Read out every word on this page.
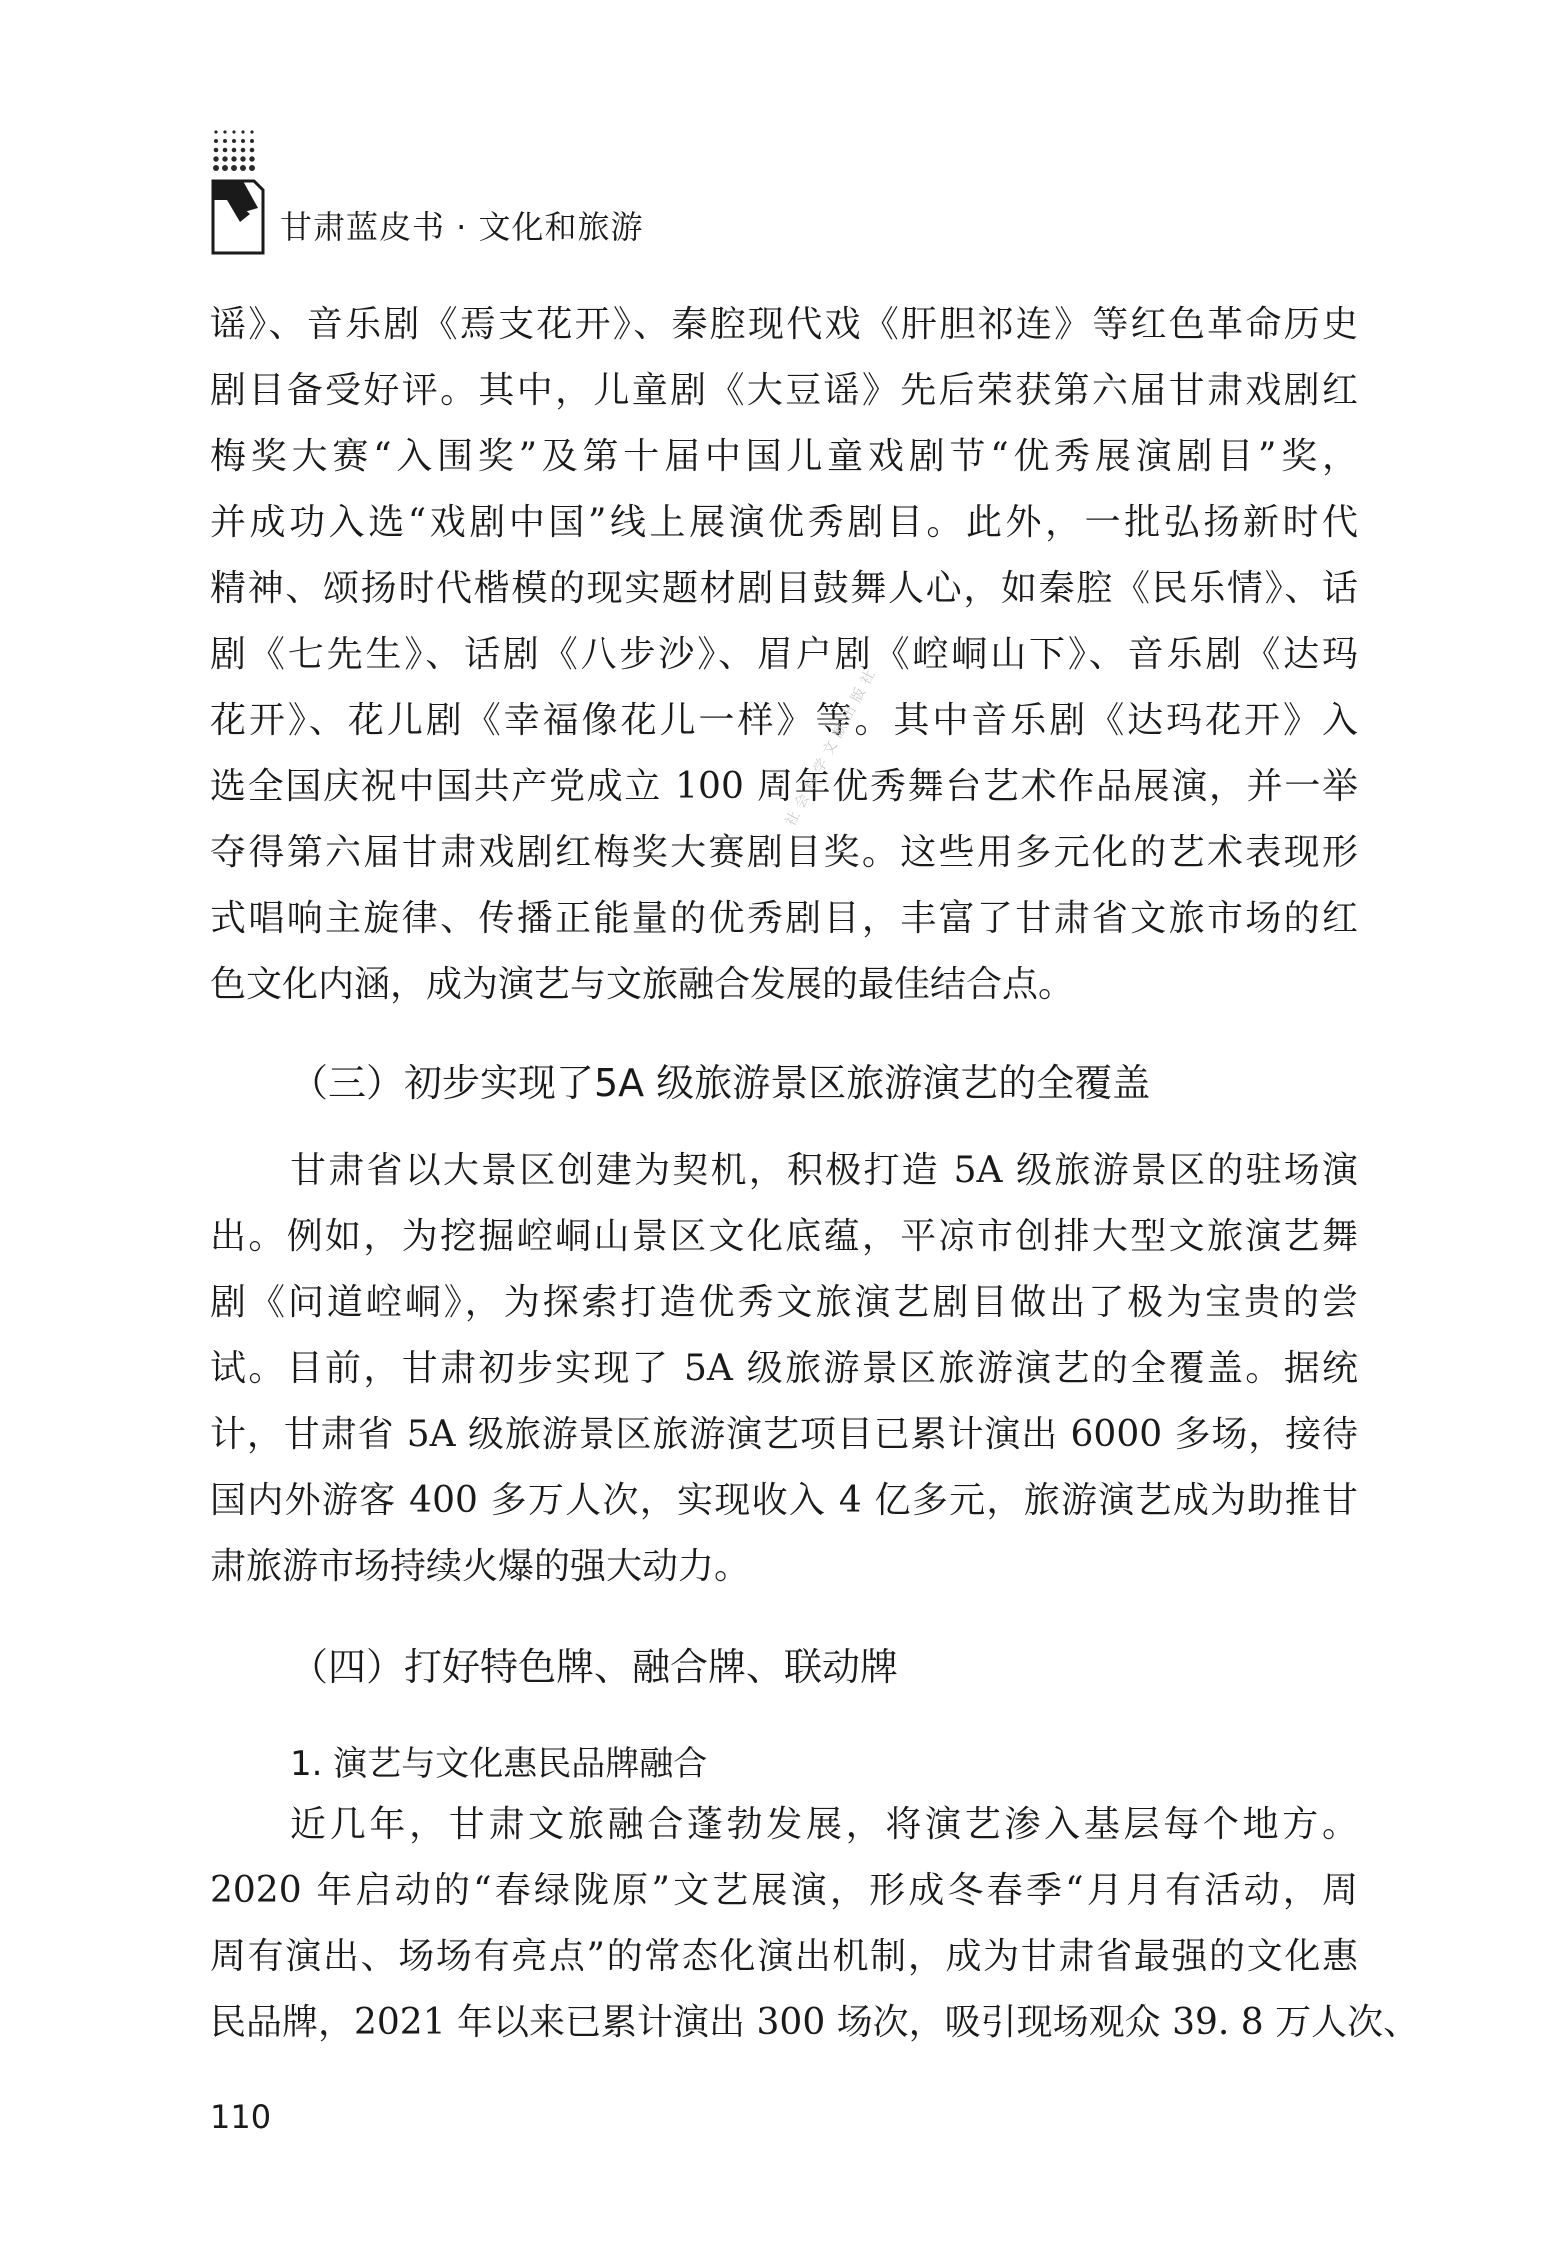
甘肃蓝皮书 · 文化和旅游
谣》、音乐剧《焉支花开》、秦腔现代戏《肝胆祁连》等红色革命历史
剧目备受好评。其中，儿童剧《大豆谣》先后荣获第六届甘肃戏剧红
梅奖大赛“入围奖”及第十届中国儿童戏剧节“优秀展演剧目”奖，
并成功入选“戏剧中国”线上展演优秀剧目。此外，一批弘扬新时代
精神、颂扬时代楷模的现实题材剧目鼓舞人心，如秦腔《民乐情》、话
剧《七先生》、话剧《八步沙》、眉户剧《崆峒山下》、音乐剧《达玛
花开》、花儿剧《幸福像花儿一样》等。其中音乐剧《达玛花开》入
选全国庆祝中国共产党成立 100 周年优秀舞台艺术作品展演，并一举
夺得第六届甘肃戏剧红梅奖大赛剧目奖。这些用多元化的艺术表现形
式唱响主旋律、传播正能量的优秀剧目，丰富了甘肃省文旅市场的红
色文化内涵，成为演艺与文旅融合发展的最佳结合点。
（三）初步实现了5A 级旅游景区旅游演艺的全覆盖
甘肃省以大景区创建为契机，积极打造 5A 级旅游景区的驻场演
出。例如，为挖掘崆峒山景区文化底蕴，平凉市创排大型文旅演艺舞
剧《问道崆峒》，为探索打造优秀文旅演艺剧目做出了极为宝贵的尝
试。目前，甘肃初步实现了 5A 级旅游景区旅游演艺的全覆盖。据统
计，甘肃省 5A 级旅游景区旅游演艺项目已累计演出 6000 多场，接待
国内外游客 400 多万人次，实现收入 4 亿多元，旅游演艺成为助推甘
肃旅游市场持续火爆的强大动力。
（四）打好特色牌、融合牌、联动牌
1. 演艺与文化惠民品牌融合
近几年，甘肃文旅融合蓬勃发展，将演艺渗入基层每个地方。
2020 年启动的“春绿陇原”文艺展演，形成冬春季“月月有活动，周
周有演出、场场有亮点”的常态化演出机制，成为甘肃省最强的文化惠
民品牌，2021 年以来已累计演出 300 场次，吸引现场观众 39. 8 万人次、
社会科学文献出版社
110
